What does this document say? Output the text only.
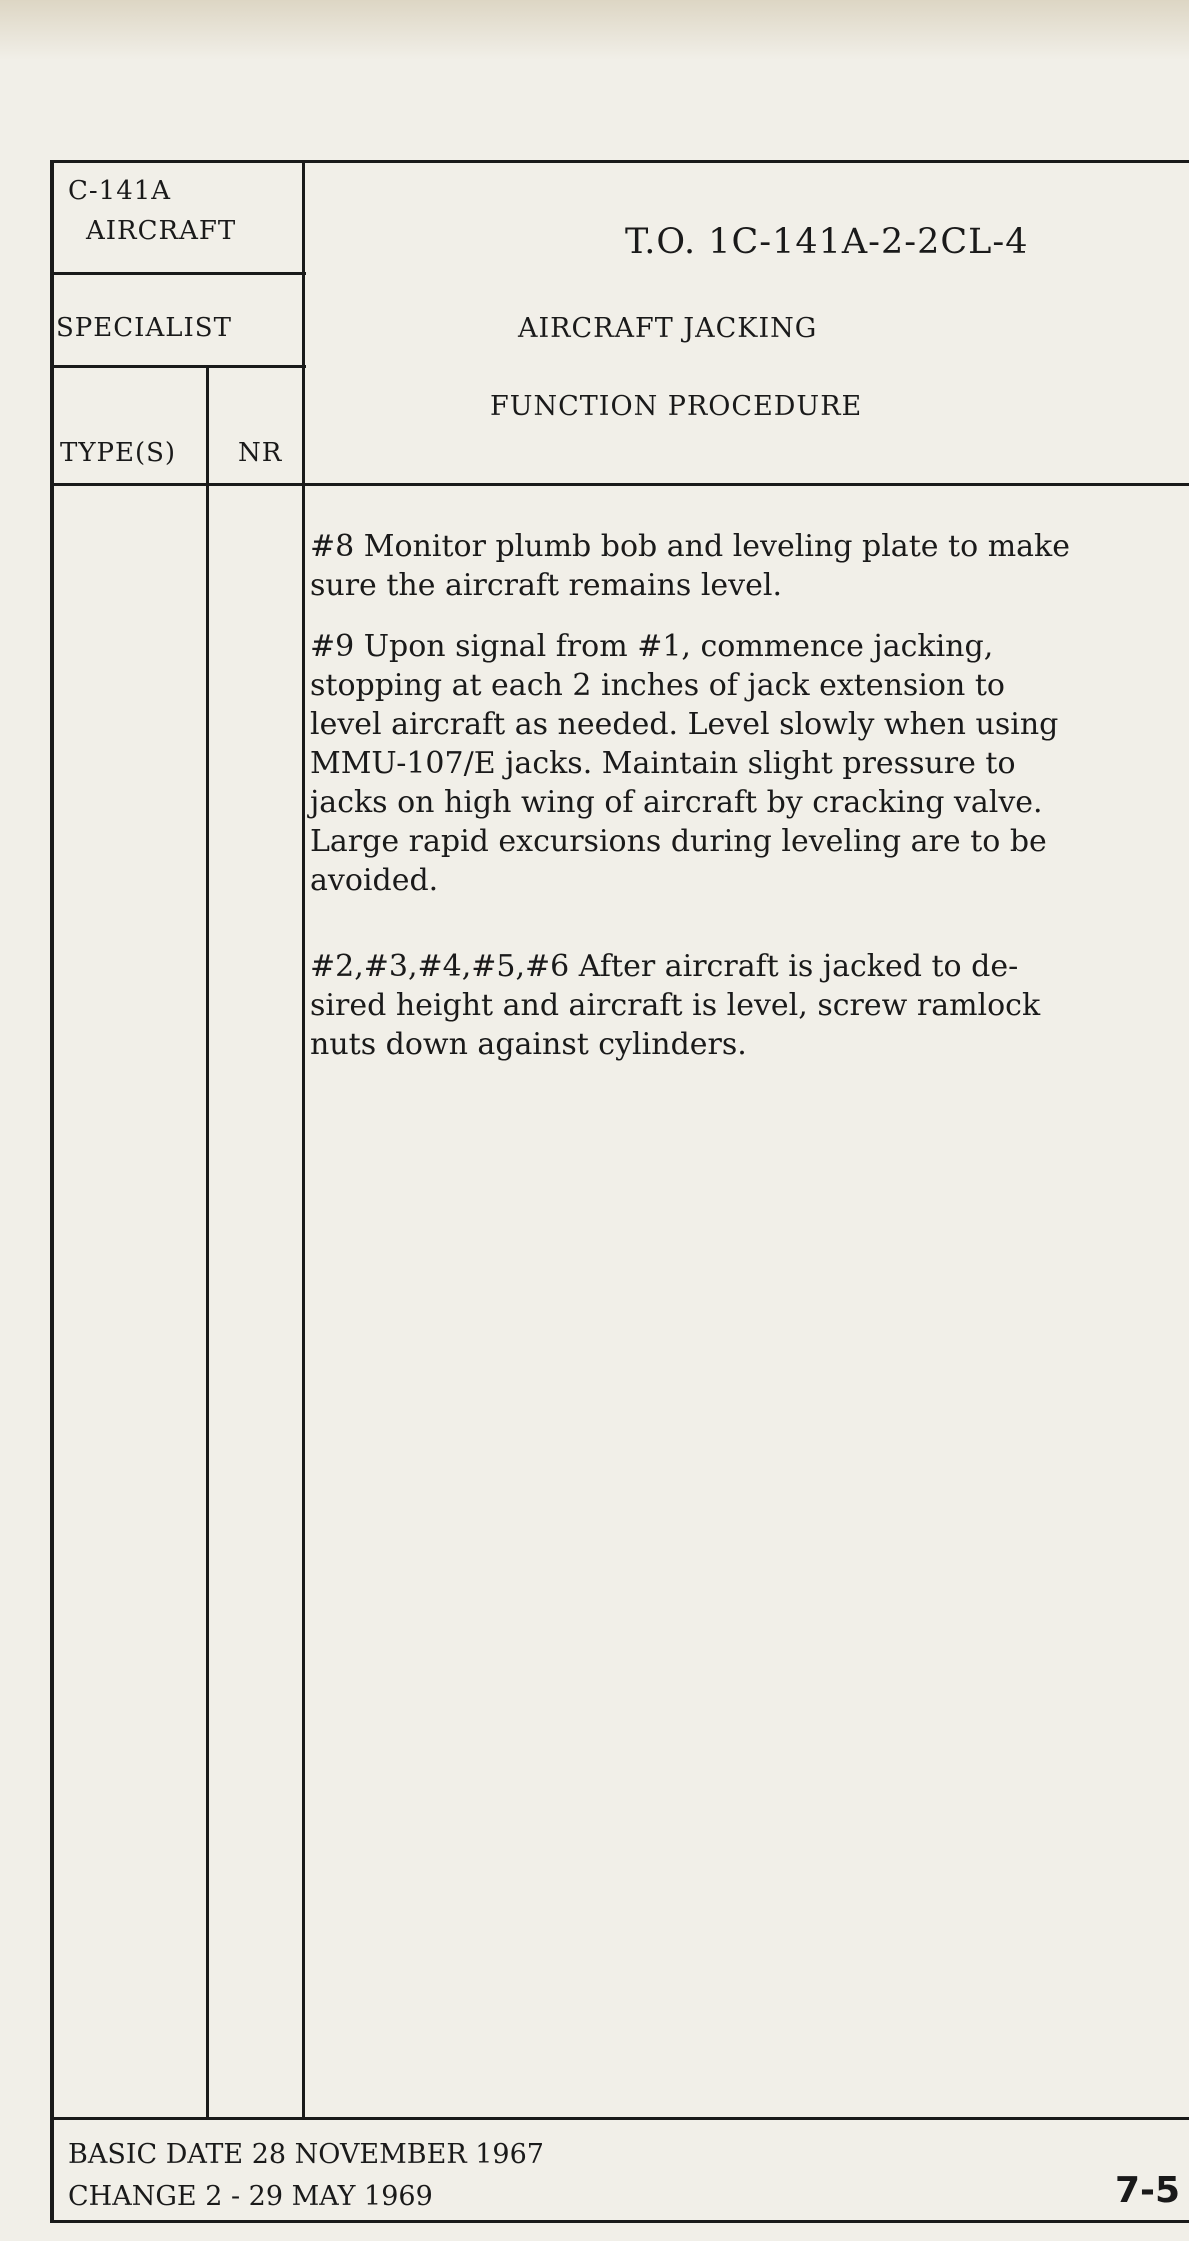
C-141A
AIRCRAFT	T.O. 1C-141A-2-2CL-4
SPECIALIST
TYPE(S) NR
AIRCRAFT JACKING
FUNCTION PROCEDURE
#8 Monitor plumb bob and leveling plate to make
sure the aircraft remains level.
#9 Upon signal from #1, commence jacking,
stopping at each 2 inches of jack extension to
level aircraft as needed. Level slowly when using
MMU-107/E jacks. Maintain slight pressure to
jacks on high wing of aircraft by cracking valve.
Large rapid excursions during leveling are to be
avoided.
#2,#3,#4,#5,#6 After aircraft is jacked to de-
sired height and aircraft is level, screw ramlock
nuts down against cylinders.
BASIC DATE 28 NOVEMBER 1967
CHANGE 2 - 29 MAY 1969	7-5
